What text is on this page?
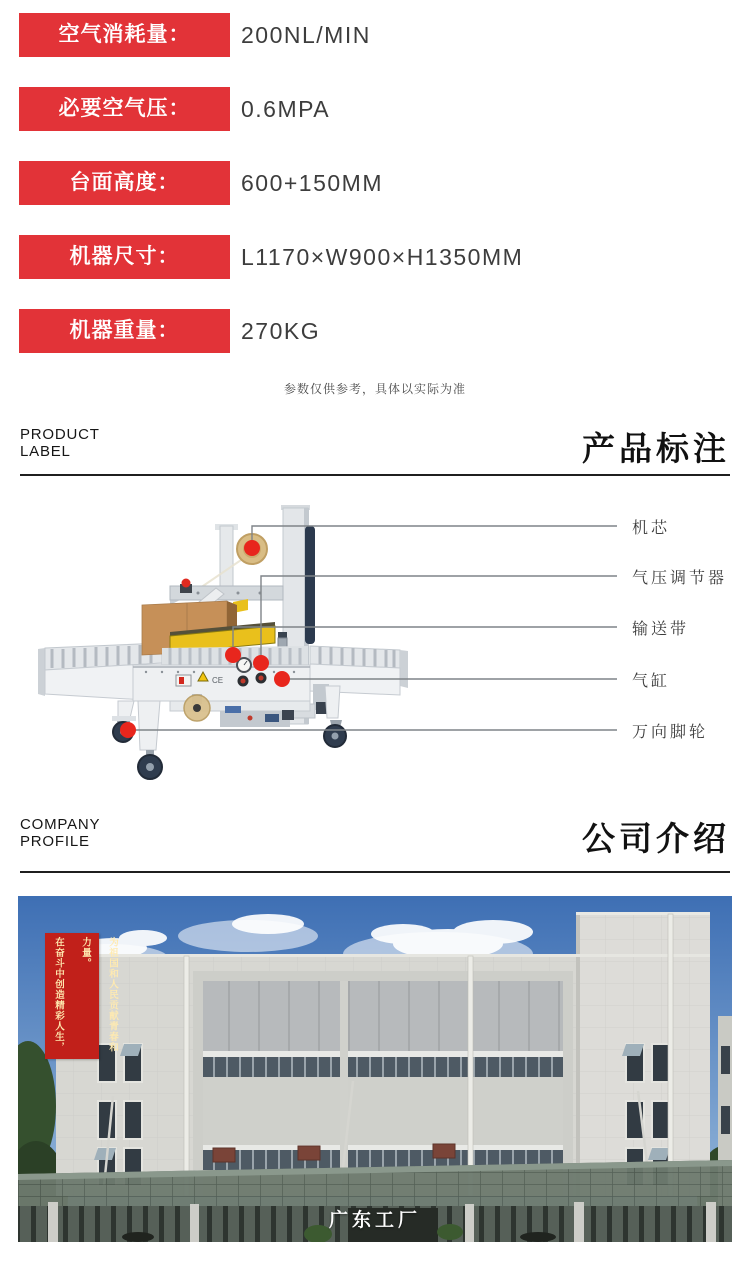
空气消耗量：	200NL/MIN
必要空气压：	0.6MPA
台面高度：	600+150MM
机器尺寸：	L1170×W900×H1350MM
机器重量：	270KG
参数仅供参考，具体以实际为准
PRODUCT
LABEL	产品标注
CE
机芯
气压调节器
输送带
气缸
万向脚轮
COMPANY
PROFILE	公司介绍
为祖国和人民贡献青春和力量。
在奋斗中创造精彩人生，
广东工厂
